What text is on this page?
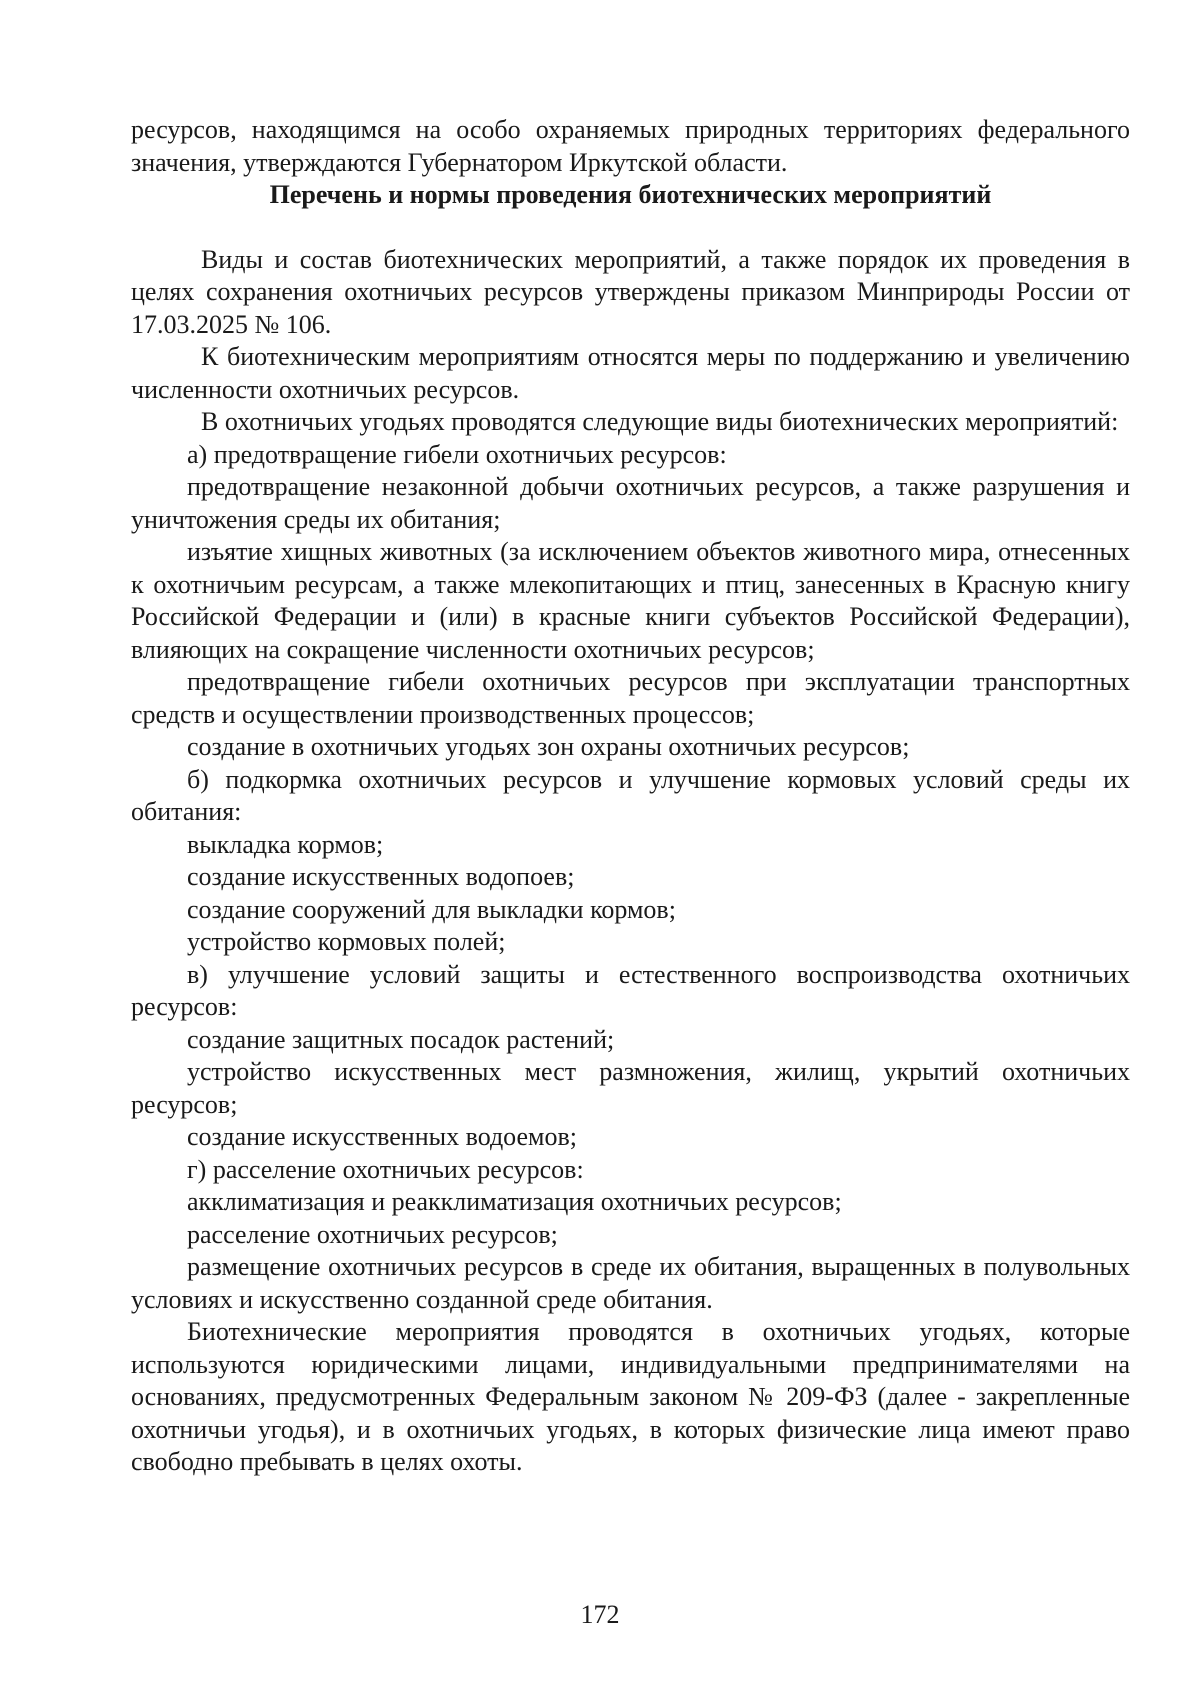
ресурсов, находящимся на особо охраняемых природных территориях федерального значения, утверждаются Губернатором Иркутской области.

Перечень и нормы проведения биотехнических мероприятий

Виды и состав биотехнических мероприятий, а также порядок их проведения в целях сохранения охотничьих ресурсов утверждены приказом Минприроды России от 17.03.2025 № 106.

К биотехническим мероприятиям относятся меры по поддержанию и увеличению численности охотничьих ресурсов.

В охотничьих угодьях проводятся следующие виды биотехнических мероприятий:

а) предотвращение гибели охотничьих ресурсов:

предотвращение незаконной добычи охотничьих ресурсов, а также разрушения и уничтожения среды их обитания;

изъятие хищных животных (за исключением объектов животного мира, отнесенных к охотничьим ресурсам, а также млекопитающих и птиц, занесенных в Красную книгу Российской Федерации и (или) в красные книги субъектов Российской Федерации), влияющих на сокращение численности охотничьих ресурсов;

предотвращение гибели охотничьих ресурсов при эксплуатации транспортных средств и осуществлении производственных процессов;

создание в охотничьих угодьях зон охраны охотничьих ресурсов;

б) подкормка охотничьих ресурсов и улучшение кормовых условий среды их обитания:

выкладка кормов;

создание искусственных водопоев;

создание сооружений для выкладки кормов;

устройство кормовых полей;

в) улучшение условий защиты и естественного воспроизводства охотничьих ресурсов:

создание защитных посадок растений;

устройство искусственных мест размножения, жилищ, укрытий охотничьих ресурсов;

создание искусственных водоемов;

г) расселение охотничьих ресурсов:

акклиматизация и реакклиматизация охотничьих ресурсов;

расселение охотничьих ресурсов;

размещение охотничьих ресурсов в среде их обитания, выращенных в полувольных условиях и искусственно созданной среде обитания.

Биотехнические мероприятия проводятся в охотничьих угодьях, которые используются юридическими лицами, индивидуальными предпринимателями на основаниях, предусмотренных Федеральным законом № 209-ФЗ (далее - закрепленные охотничьи угодья), и в охотничьих угодьях, в которых физические лица имеют право свободно пребывать в целях охоты.

172
